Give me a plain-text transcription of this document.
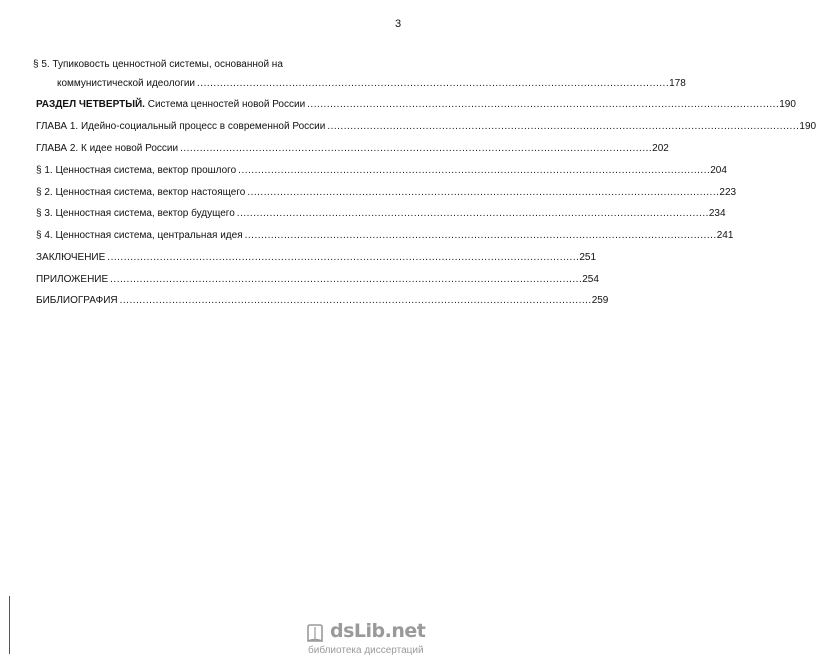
3
§ 5. Тупиковость ценностной системы, основанной на
коммунистической идеологии ................................................................................................................................................ 178
РАЗДЕЛ ЧЕТВЕРТЫЙ. Система ценностей новой России ................................................................................................................................................ 190
ГЛАВА 1. Идейно-социальный процесс в современной России ................................................................................................................................................ 190
ГЛАВА 2. К идее новой России ................................................................................................................................................ 202
§ 1. Ценностная система, вектор прошлого ................................................................................................................................................ 204
§ 2. Ценностная система, вектор настоящего ................................................................................................................................................ 223
§ 3. Ценностная система, вектор будущего ................................................................................................................................................ 234
§ 4. Ценностная система, центральная идея ................................................................................................................................................ 241
ЗАКЛЮЧЕНИЕ ................................................................................................................................................ 251
ПРИЛОЖЕНИЕ ................................................................................................................................................ 254
БИБЛИОГРАФИЯ ................................................................................................................................................ 259
dsLib.net
библиотека диссертаций
